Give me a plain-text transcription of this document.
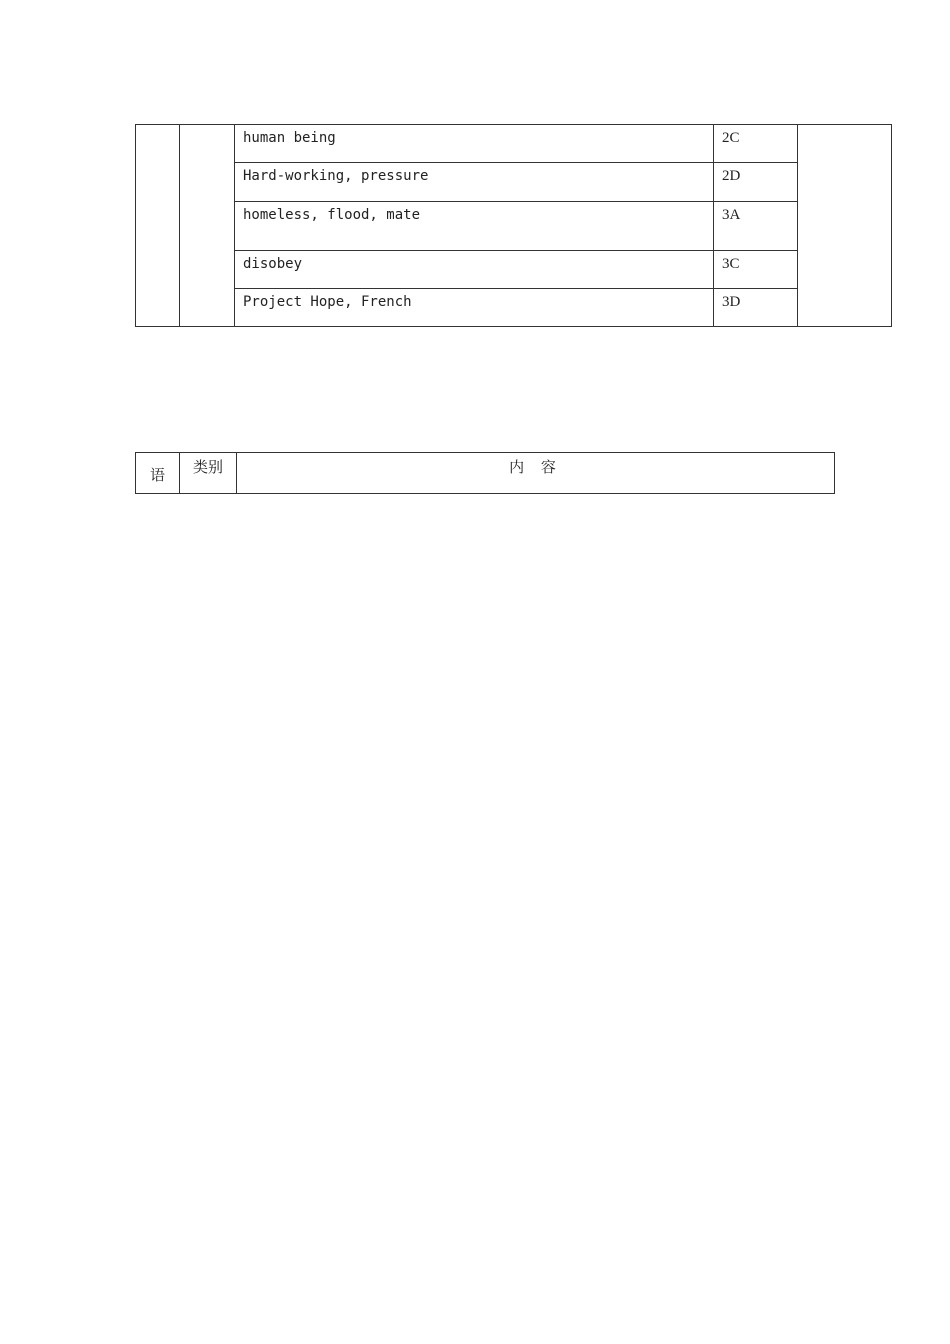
		human being	2C	
		Hard-working, pressure	2D	
		homeless, flood, mate	3A	
		disobey	3C	
		Project Hope, French	3D	
语	类别	内 容
